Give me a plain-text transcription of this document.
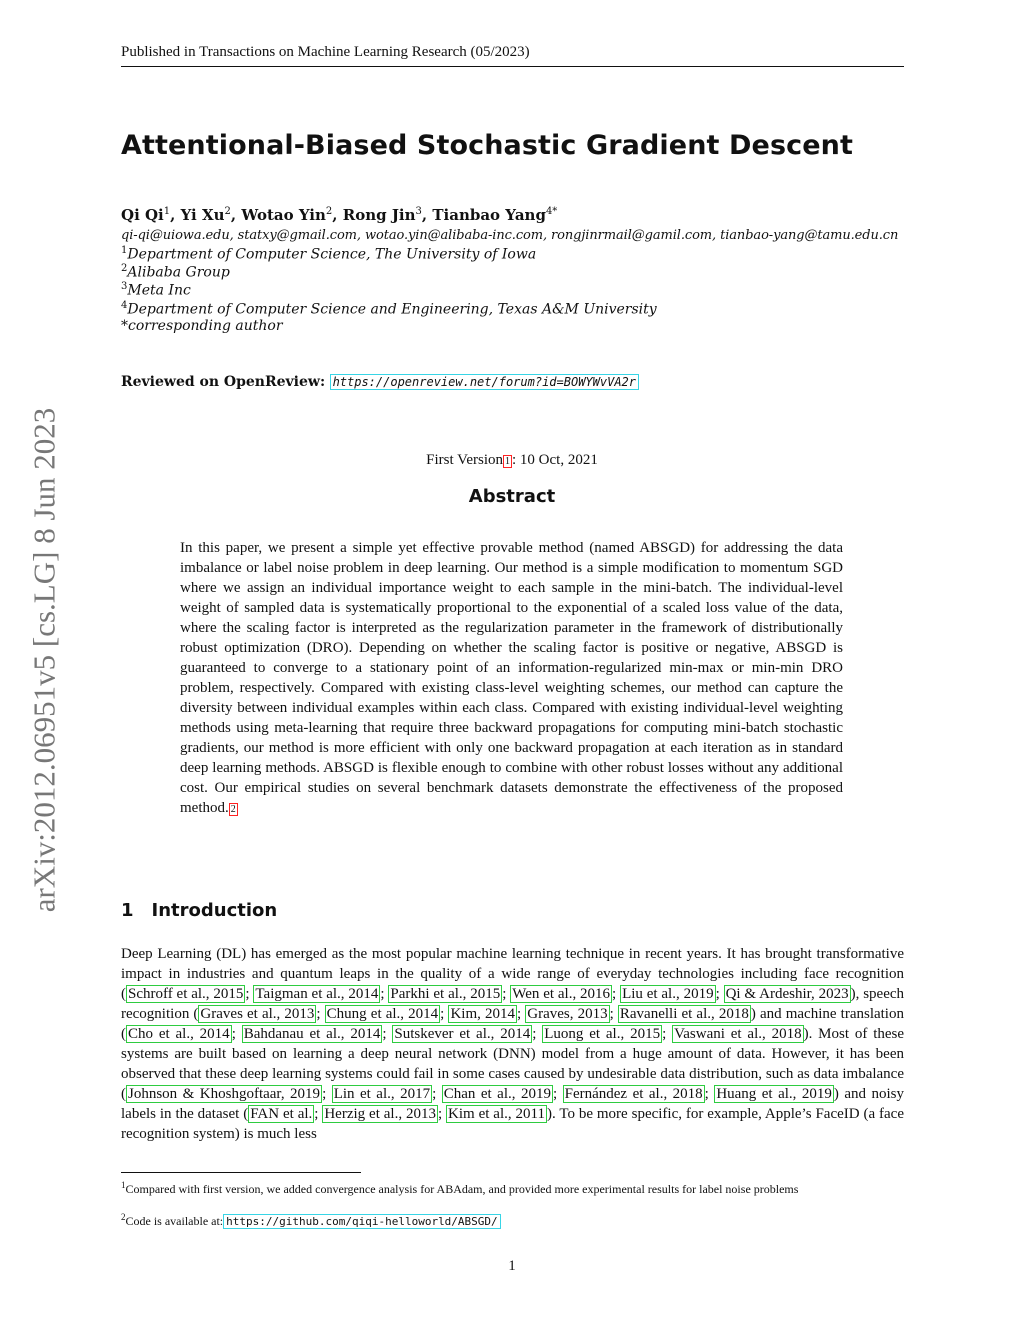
Published in Transactions on Machine Learning Research (05/2023)
arXiv:2012.06951v5 [cs.LG] 8 Jun 2023
Attentional-Biased Stochastic Gradient Descent
Qi Qi$^1$, Yi Xu$^2$, Wotao Yin$^2$, Rong Jin$^3$, Tianbao Yang$^{4*}$
qi-qi@uiowa.edu, statxy@gmail.com, wotao.yin@alibaba-inc.com, rongjinrmail@gamil.com, tianbao-yang@tamu.edu.cn
$^1$Department of Computer Science, The University of Iowa
$^2$Alibaba Group
$^3$Meta Inc
$^4$Department of Computer Science and Engineering, Texas A&M University
*corresponding author
Reviewed on OpenReview: https://openreview.net/forum?id=BOWYWvVA2r
First Version 1 : 10 Oct, 2021
Abstract
In this paper, we present a simple yet effective provable method (named ABSGD) for addressing the data imbalance or label noise problem in deep learning. Our method is a simple modification to momentum SGD where we assign an individual importance weight to each sample in the mini-batch. The individual-level weight of sampled data is systematically proportional to the exponential of a scaled loss value of the data, where the scaling factor is interpreted as the regularization parameter in the framework of distributionally robust optimization (DRO). Depending on whether the scaling factor is positive or negative, ABSGD is guaranteed to converge to a stationary point of an information-regularized min-max or min-min DRO problem, respectively. Compared with existing class-level weighting schemes, our method can capture the diversity between individual examples within each class. Compared with existing individual-level weighting methods using meta-learning that require three backward propagations for computing mini-batch stochastic gradients, our method is more efficient with only one backward propagation at each iteration as in standard deep learning methods. ABSGD is flexible enough to combine with other robust losses without any additional cost. Our empirical studies on several benchmark datasets demonstrate the effectiveness of the proposed method. 2
1 Introduction
Deep Learning (DL) has emerged as the most popular machine learning technique in recent years. It has brought transformative impact in industries and quantum leaps in the quality of a wide range of everyday technologies including face recognition ( Schroff et al., 2015 ; Taigman et al., 2014 ; Parkhi et al., 2015 ; Wen et al., 2016 ; Liu et al., 2019 ; Qi & Ardeshir, 2023 ), speech recognition ( Graves et al., 2013 ; Chung et al., 2014 ; Kim, 2014 ; Graves, 2013 ; Ravanelli et al., 2018 ) and machine translation ( Cho et al., 2014 ; Bahdanau et al., 2014 ; Sutskever et al., 2014 ; Luong et al., 2015 ; Vaswani et al., 2018 ). Most of these systems are built based on learning a deep neural network (DNN) model from a huge amount of data. However, it has been observed that these deep learning systems could fail in some cases caused by undesirable data distribution, such as data imbalance ( Johnson & Khoshgoftaar, 2019 ; Lin et al., 2017 ; Chan et al., 2019 ; Fernández et al., 2018 ; Huang et al., 2019 ) and noisy labels in the dataset ( FAN et al. ; Herzig et al., 2013 ; Kim et al., 2011 ). To be more specific, for example, Apple’s FaceID (a face recognition system) is much less
$^1$Compared with first version, we added convergence analysis for ABAdam, and provided more experimental results for label noise problems
$^2$Code is available at: https://github.com/qiqi-helloworld/ABSGD/
1
